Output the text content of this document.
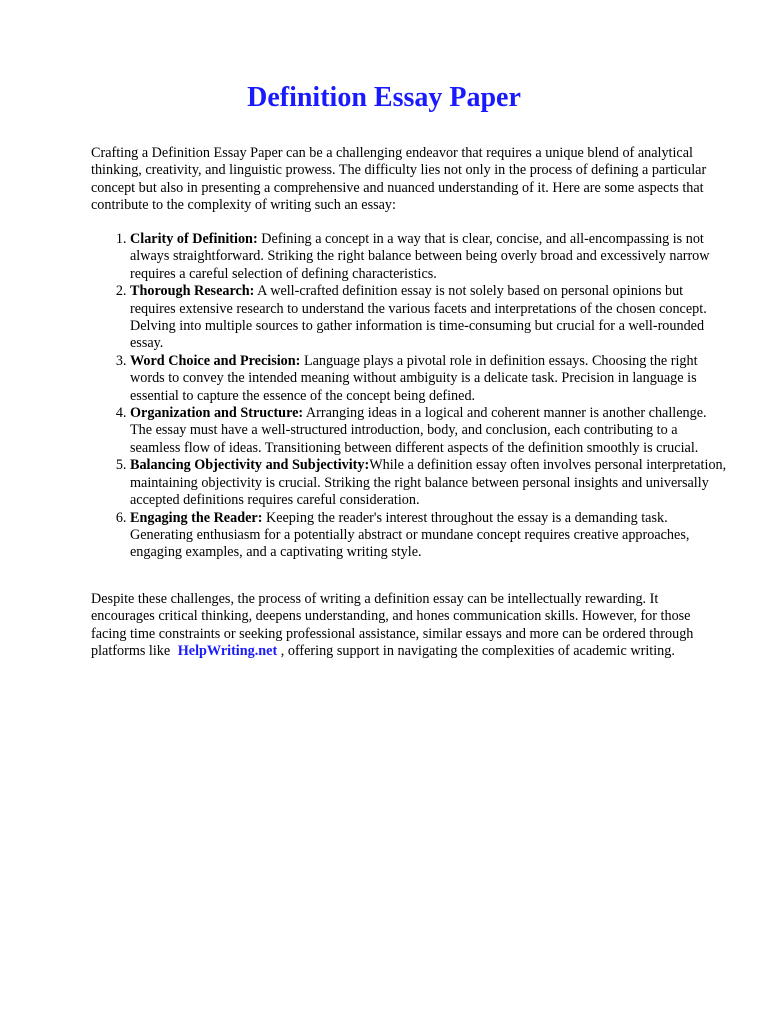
Definition Essay Paper

Crafting a Definition Essay Paper can be a challenging endeavor that requires a unique blend of analytical thinking, creativity, and linguistic prowess. The difficulty lies not only in the process of defining a particular concept but also in presenting a comprehensive and nuanced understanding of it. Here are some aspects that contribute to the complexity of writing such an essay:

1. Clarity of Definition: Defining a concept in a way that is clear, concise, and all-encompassing is not always straightforward. Striking the right balance between being overly broad and excessively narrow requires a careful selection of defining characteristics.
2. Thorough Research: A well-crafted definition essay is not solely based on personal opinions but requires extensive research to understand the various facets and interpretations of the chosen concept. Delving into multiple sources to gather information is time-consuming but crucial for a well-rounded essay.
3. Word Choice and Precision: Language plays a pivotal role in definition essays. Choosing the right words to convey the intended meaning without ambiguity is a delicate task. Precision in language is essential to capture the essence of the concept being defined.
4. Organization and Structure: Arranging ideas in a logical and coherent manner is another challenge. The essay must have a well-structured introduction, body, and conclusion, each contributing to a seamless flow of ideas. Transitioning between different aspects of the definition smoothly is crucial.
5. Balancing Objectivity and Subjectivity:While a definition essay often involves personal interpretation, maintaining objectivity is crucial. Striking the right balance between personal insights and universally accepted definitions requires careful consideration.
6. Engaging the Reader: Keeping the reader's interest throughout the essay is a demanding task. Generating enthusiasm for a potentially abstract or mundane concept requires creative approaches, engaging examples, and a captivating writing style.

Despite these challenges, the process of writing a definition essay can be intellectually rewarding. It encourages critical thinking, deepens understanding, and hones communication skills. However, for those facing time constraints or seeking professional assistance, similar essays and more can be ordered through platforms like HelpWriting.net , offering support in navigating the complexities of academic writing.
